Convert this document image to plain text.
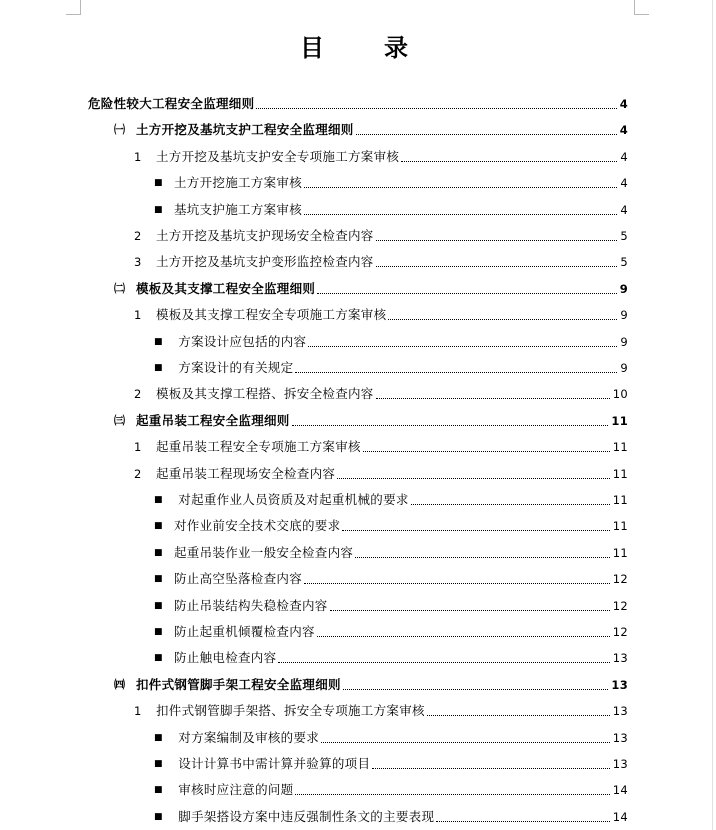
目	录
危险性较大工程安全监理细则	4
㈠ 土方开挖及基坑支护工程安全监理细则	4
1	土方开挖及基坑支护安全专项施工方案审核	4
■ 土方开挖施工方案审核	4
■ 基坑支护施工方案审核	4
2	土方开挖及基坑支护现场安全检查内容	5
3	土方开挖及基坑支护变形监控检查内容	5
㈡ 模板及其支撑工程安全监理细则	9
1	模板及其支撑工程安全专项施工方案审核	9
■ 方案设计应包括的内容	9
■ 方案设计的有关规定	9
2	模板及其支撑工程搭、拆安全检查内容	10
㈢ 起重吊装工程安全监理细则	11
1	起重吊装工程安全专项施工方案审核	11
2	起重吊装工程现场安全检查内容	11
■ 对起重作业人员资质及对起重机械的要求	11
■ 对作业前安全技术交底的要求	11
■ 起重吊装作业一般安全检查内容	11
■ 防止高空坠落检查内容	12
■ 防止吊装结构失稳检查内容	12
■ 防止起重机倾覆检查内容	12
■ 防止触电检查内容	13
㈣ 扣件式钢管脚手架工程安全监理细则	13
1	扣件式钢管脚手架搭、拆安全专项施工方案审核	13
■ 对方案编制及审核的要求	13
■ 设计计算书中需计算并验算的项目	13
■ 审核时应注意的问题	14
■ 脚手架搭设方案中违反强制性条文的主要表现	14
